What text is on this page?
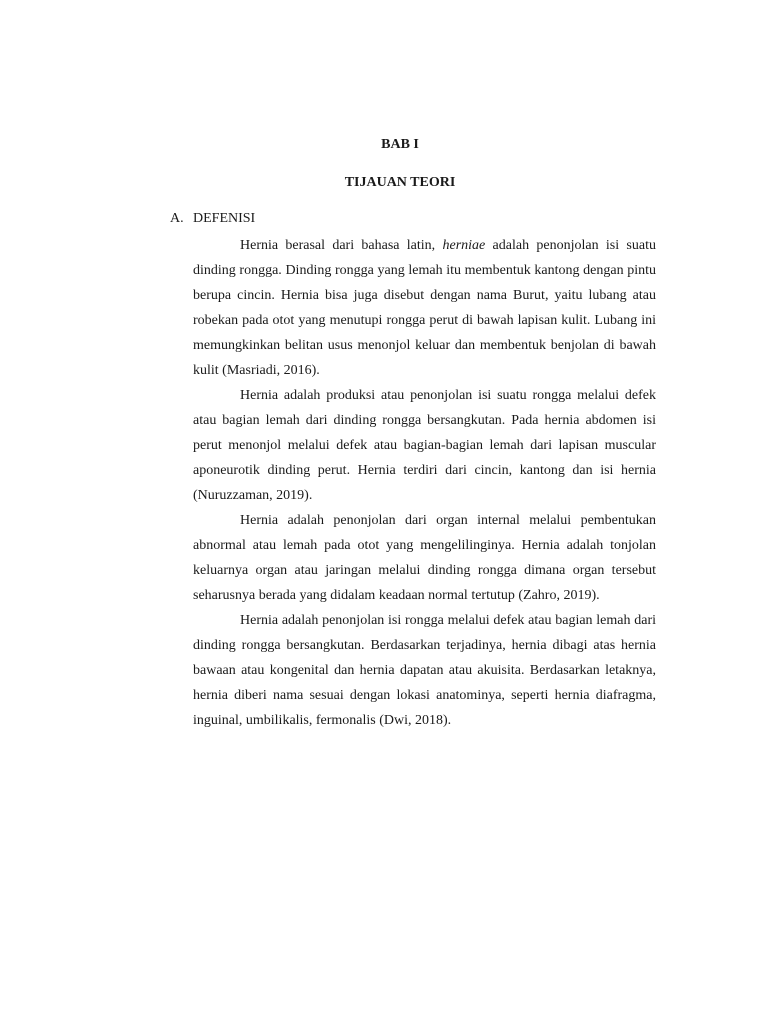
BAB I
TIJAUAN TEORI
A. DEFENISI

Hernia berasal dari bahasa latin, herniae adalah penonjolan isi suatu dinding rongga. Dinding rongga yang lemah itu membentuk kantong dengan pintu berupa cincin. Hernia bisa juga disebut dengan nama Burut, yaitu lubang atau robekan pada otot yang menutupi rongga perut di bawah lapisan kulit. Lubang ini memungkinkan belitan usus menonjol keluar dan membentuk benjolan di bawah kulit (Masriadi, 2016).

Hernia adalah produksi atau penonjolan isi suatu rongga melalui defek atau bagian lemah dari dinding rongga bersangkutan. Pada hernia abdomen isi perut menonjol melalui defek atau bagian-bagian lemah dari lapisan muscular aponeurotik dinding perut. Hernia terdiri dari cincin, kantong dan isi hernia (Nuruzzaman, 2019).

Hernia adalah penonjolan dari organ internal melalui pembentukan abnormal atau lemah pada otot yang mengelilinginya. Hernia adalah tonjolan keluarnya organ atau jaringan melalui dinding rongga dimana organ tersebut seharusnya berada yang didalam keadaan normal tertutup (Zahro, 2019).

Hernia adalah penonjolan isi rongga melalui defek atau bagian lemah dari dinding rongga bersangkutan. Berdasarkan terjadinya, hernia dibagi atas hernia bawaan atau kongenital dan hernia dapatan atau akuisita. Berdasarkan letaknya, hernia diberi nama sesuai dengan lokasi anatominya, seperti hernia diafragma, inguinal, umbilikalis, fermonalis (Dwi, 2018).
